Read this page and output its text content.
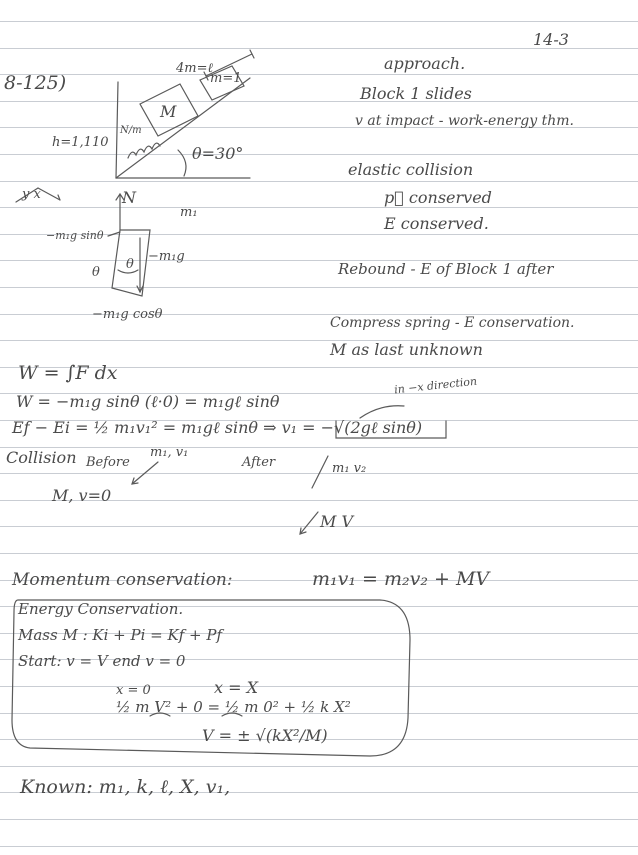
14-3
8-125)
4m=ℓ
m=1
M
h=1,110
N/m
θ=30°
y x	N
m₁
−m₁g sinθ
−m₁g
θ
θ
−m₁g cosθ
approach.
Block 1 slides
v at impact - work-energy thm.
elastic collision
p⃗ conserved
E conserved.
Rebound - E of Block 1 after
Compress spring - E conservation.
M as last unknown
W = ∫F dx
W = −m₁g sinθ (ℓ·0) = m₁gℓ sinθ
Ef − Ei = ½ m₁v₁² = m₁gℓ sinθ ⇒ v₁ = −√(2gℓ sinθ)
in −x direction
Collision Before
m₁, v₁
After	m₁ v₂
M, v=0
M V
Momentum conservation:	m₁v₁ = m₂v₂ + MV
Energy Conservation.
Mass M : Ki + Pi = Kf + Pf
Start: v = V end v = 0
x = 0	x = X
½ m V² + 0 = ½ m 0² + ½ k X²
V = ± √(kX²/M)
Known: m₁, k, ℓ, X, v₁,
